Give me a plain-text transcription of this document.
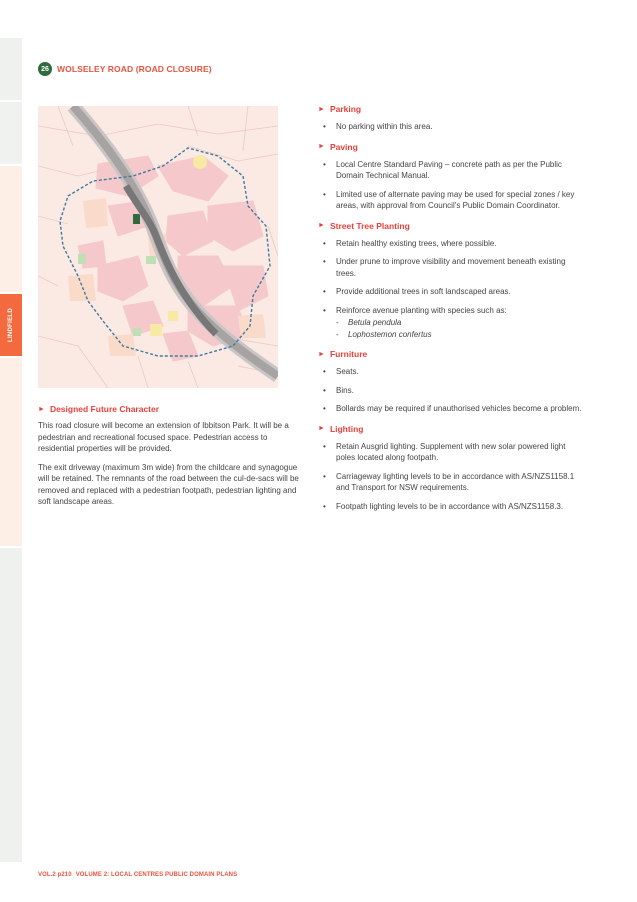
LINDFIELD
26 WOLSELEY ROAD (ROAD CLOSURE)
► Designed Future Character

This road closure will become an extension of Ibbitson Park. It will be a pedestrian and recreational focused space. Pedestrian access to residential properties will be provided.

The exit driveway (maximum 3m wide) from the childcare and synagogue will be retained. The remnants of the road between the cul-de-sacs will be removed and replaced with a pedestrian footpath, pedestrian lighting and soft landscape areas.

► Parking
• No parking within this area.
► Paving
• Local Centre Standard Paving – concrete path as per the Public Domain Technical Manual.
• Limited use of alternate paving may be used for special zones / key areas, with approval from Council’s Public Domain Coordinator.
► Street Tree Planting
• Retain healthy existing trees, where possible.
• Under prune to improve visibility and movement beneath existing trees.
• Provide additional trees in soft landscaped areas.
• Reinforce avenue planting with species such as:
- Betula pendula
- Lophostemon confertus
► Furniture
• Seats.
• Bins.
• Bollards may be required if unauthorised vehicles become a problem.
► Lighting
• Retain Ausgrid lighting. Supplement with new solar powered light poles located along footpath.
• Carriageway lighting levels to be in accordance with AS/NZS1158.1 and Transport for NSW requirements.
• Footpath lighting levels to be in accordance with AS/NZS1158.3.
VOL.2 p210 VOLUME 2: LOCAL CENTRES PUBLIC DOMAIN PLANS
